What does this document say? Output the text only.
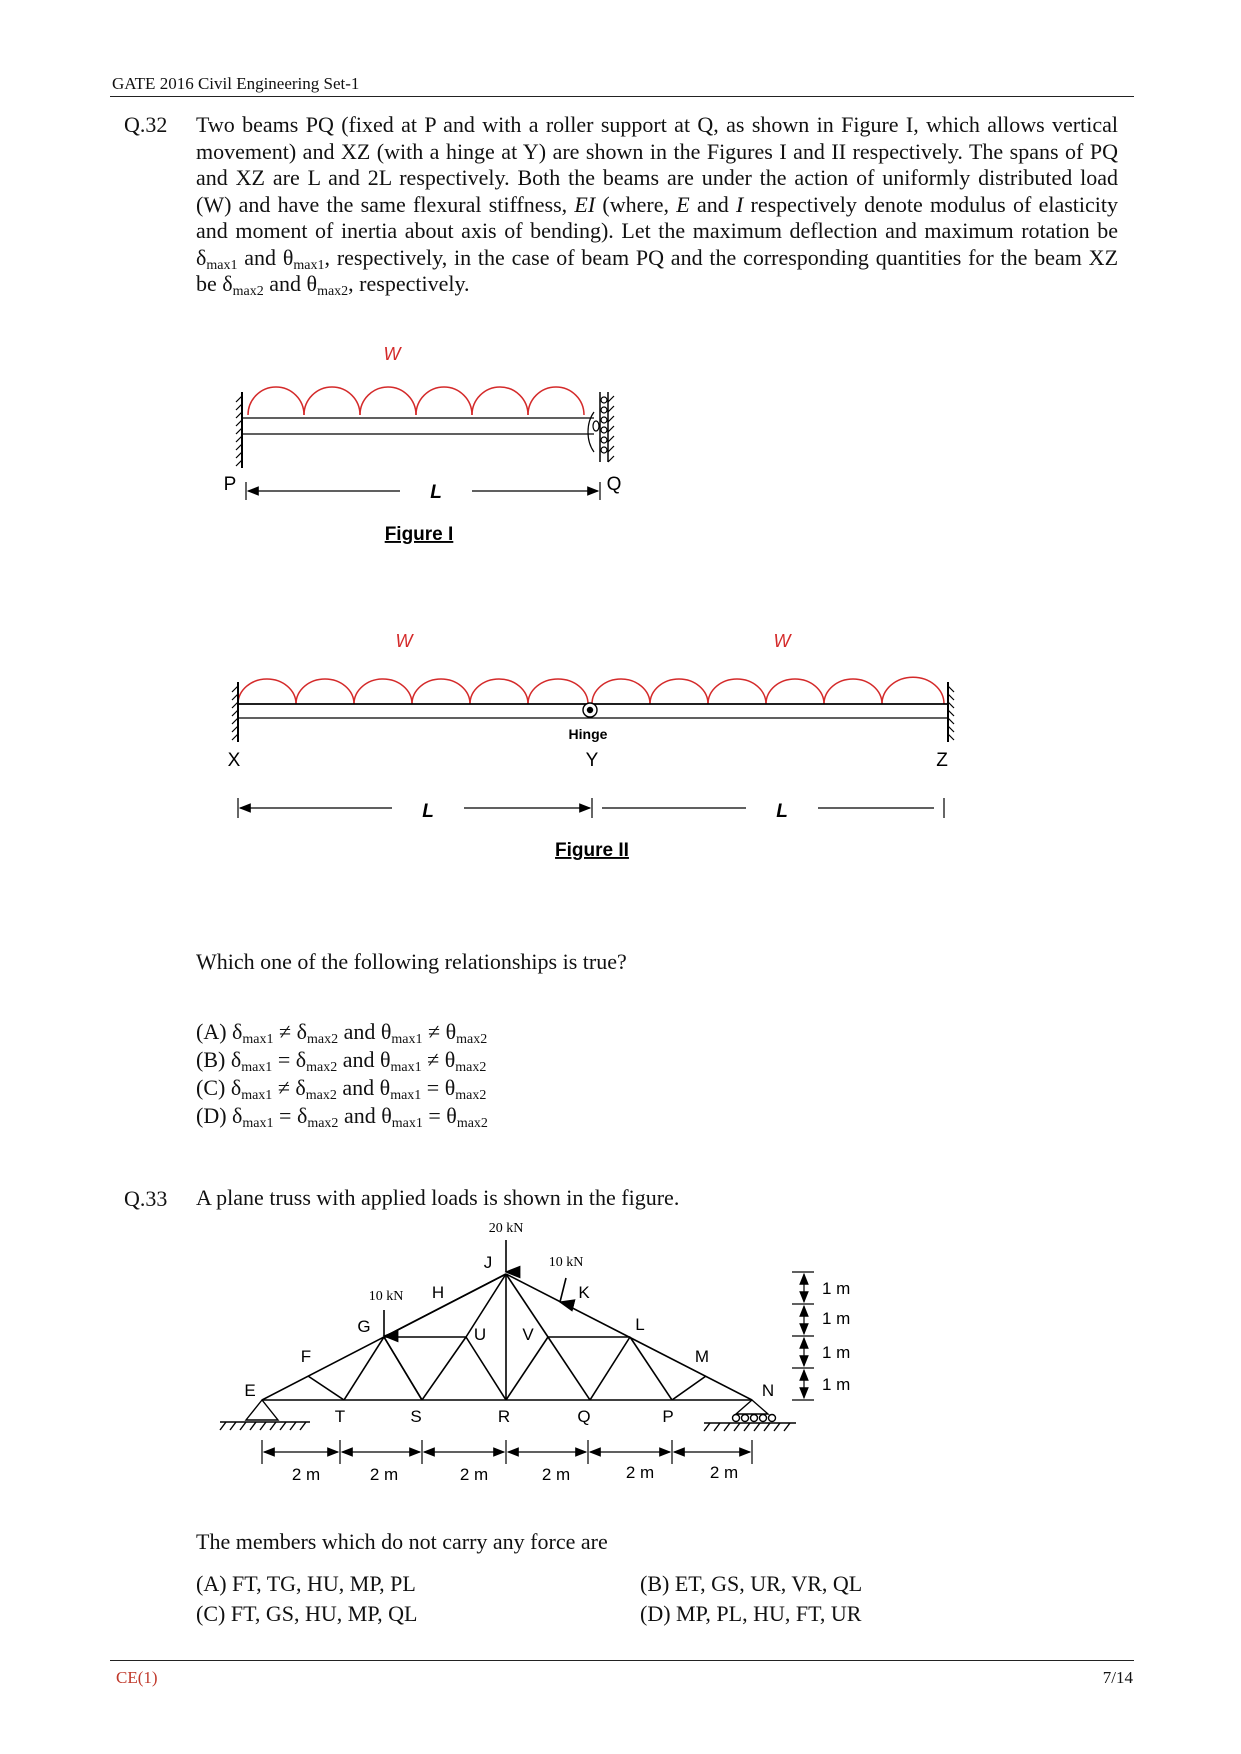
GATE 2016 Civil Engineering Set-1
Q.32 Two beams PQ (fixed at P and with a roller support at Q, as shown in Figure I, which allows vertical movement) and XZ (with a hinge at Y) are shown in the Figures I and II respectively. The spans of PQ and XZ are L and 2L respectively. Both the beams are under the action of uniformly distributed load (W) and have the same flexural stiffness, EI (where, E and I respectively denote modulus of elasticity and moment of inertia about axis of bending). Let the maximum deflection and maximum rotation be $\delta_{max1}$ and $\theta_{max1}$, respectively, in the case of beam PQ and the corresponding quantities for the beam XZ be $\delta_{max2}$ and $\theta_{max2}$, respectively.
W
P	Q
L
Figure I
W	W
Hinge
X	Y	Z
L	L
Figure II
20 kN
10 kN
10 kN
E
F
G
H
J
K
L
M
N
T	S	R	Q	P
U V
2 m	2 m	2 m	2 m	2 m	2 m
1 m
1 m
1 m
1 m
Which one of the following relationships is true?
(A) $\delta_{max1} \ne \delta_{max2}$ and $\theta_{max1} \ne \theta_{max2}$
(B) $\delta_{max1} = \delta_{max2}$ and $\theta_{max1} \ne \theta_{max2}$
(C) $\delta_{max1} \ne \delta_{max2}$ and $\theta_{max1} = \theta_{max2}$
(D) $\delta_{max1} = \delta_{max2}$ and $\theta_{max1} = \theta_{max2}$
Q.33 A plane truss with applied loads is shown in the figure.
The members which do not carry any force are
(A) FT, TG, HU, MP, PL	(B) ET, GS, UR, VR, QL
(C) FT, GS, HU, MP, QL	(D) MP, PL, HU, FT, UR
CE(1)	7/14
